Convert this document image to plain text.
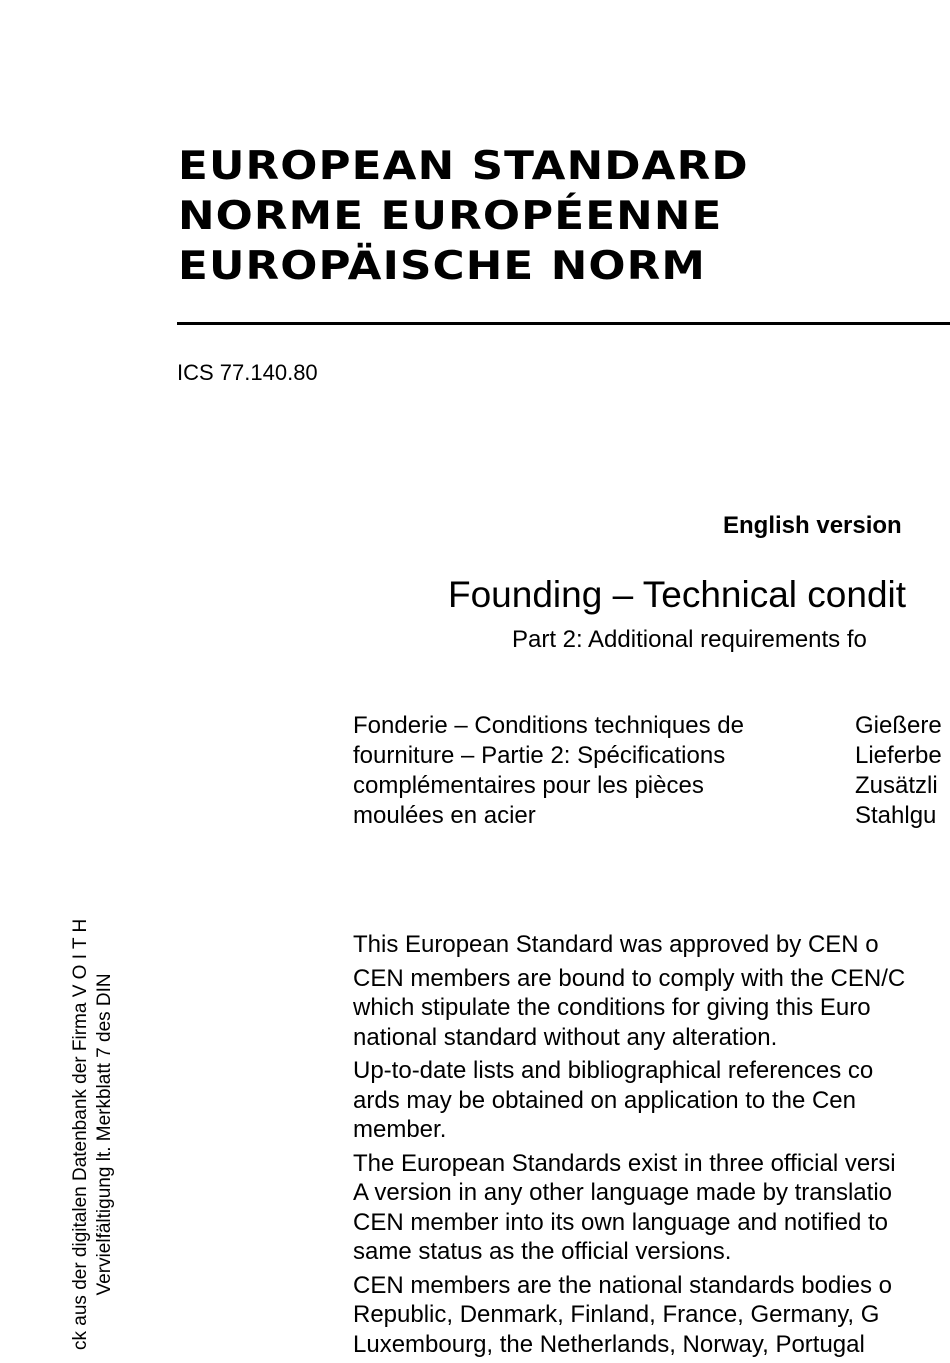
EUROPEAN STANDARD
NORME EUROPÉENNE
EUROPÄISCHE NORM
ICS 77.140.80
English version
Founding – Technical condit
Part 2: Additional requirements fo

Fonderie – Conditions techniques de
fourniture – Partie 2: Spécifications
complémentaires pour les pièces
moulées en acier

Gießere
Lieferbe
Zusätzli
Stahlgu

This European Standard was approved by CEN o

CEN members are bound to comply with the CEN/C
which stipulate the conditions for giving this Euro
national standard without any alteration.

Up-to-date lists and bibliographical references co
ards may be obtained on application to the Cen
member.

The European Standards exist in three official versi
A version in any other language made by translatio
CEN member into its own language and notified to
same status as the official versions.

CEN members are the national standards bodies o
Republic, Denmark, Finland, France, Germany, G
Luxembourg, the Netherlands, Norway, Portugal

ck aus der digitalen Datenbank der Firma V O I T H Vervielfältigung lt. Merkblatt 7 des DIN
